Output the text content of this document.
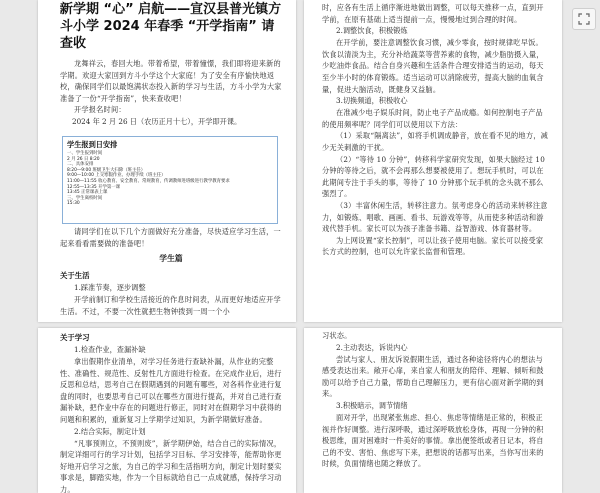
新学期 “心” 启航——宣汉县普光镇方斗小学 2024 年春季 “开学指南” 请查收

龙舞祥云，春回大地。带着希望，带着憧憬，我们即将迎来新的学期。欢迎大家回到方斗小学这个大家庭！为了安全有序愉快地返校，确保同学们以最饱满状态投入新的学习与生活，方斗小学为大家准备了一份“开学指南”，快来查收吧！

开学报名时间：

2024 年 2 月 26 日（农历正月十七），开学即开课。

学生报到日安排
一、学生报到时间
2 月 26 日 8:20
二、具体安排
8:20—9:00 班级卫生大扫除（班主任）
9:00—10:00 上交寒假作业、办理手续（班主任）
11:00—11:55 收心教育、安全教育、常规教育，传调教师进班级进行教学教育要求
12:55—13:35 开学第一课
13:45 正常课表上课
三、学生离校时间
15:30

请同学们在以下几个方面做好充分准备，尽快适应学习生活，一起来看看需要做的准备吧！

学生篇
关于生活

1.踩准节奏，逐步调整

开学前制订和学校生活接近的作息时间表，从而更好地适应开学生活。不过，不要一次性就把生物钟拨到一周一个小

时，应各有生活上循序渐进地做出调整，可以每天推移一点，直到开学前，在原有基础上适当提前一点，慢慢地过到合理的时间。

2.调整饮食，积极锻炼

在开学前，要注意调整饮食习惯，减少零食，按时规律吃早饭。饮食以清淡为主，充分补给蔬菜等营养素的食物，减少脂肪摄入量，少吃油炸食品。结合自身兴趣和生活条件合理安排适当的运动，每天至少半小时的体育锻炼。适当运动可以消除疲劳，提高大脑的血氧含量，促进大脑活动，既健身又益脑。

3.切换频道，积极收心

在准减少电子娱乐时间，防止电子产品成瘾。如何控制电子产品的使用频率呢？同学们可以使用以下方法：

（1）采取“隔离法”，如将手机调成静音，放在看不见的地方，减少无关刺激的干扰。

（2）“等待 10 分钟”，转移科学家研究发现，如果大脑经过 10 分钟的等待之后，就不会再那么想要被使用了。想玩手机时，可以在此期间专注于手头的事，等待了 10 分钟那个玩手机的念头就不那么强烈了。

（3）丰富休闲生活，转移注意力。氛考虑身心的活动来转移注意力，如锻炼、唱歌、画画、看书、玩游戏等等，从而使多种活动和游戏代替手机。家长可以为孩子准备书籍、益智游戏、体育器材等。

为上网设置“家长控制”，可以让孩子使用电脑。家长可以接受家长方式的控制，也可以允许家长监督和管理。

关于学习

1.检查作业，查漏补缺

拿出假期作业清单，对学习任务进行查缺补漏，从作业的完整性、准确性、规范性、反射性几方面进行检查。在完成作业后，进行反思和总结，思考自己在假期遇到的问题有哪些，对各科作业进行复盘的同时，也要思考自己可以在哪些方面进行提高，并对自己进行查漏补缺，把作业中存在的问题进行修正，同时对在假期学习中获得的问题和积累的，重新复习上学期学过知识，为新学期做好准备。

2.结合实际，制定计划

“凡事预则立，不预则废”，新学期伊始，结合自己的实际情况，制定详细可行的学习计划，包括学习目标、学习安排等，能帮助你更好地开启学习之旅，为自己的学习和生活指明方向，制定计划时要实事求是，脚踏实地，作为一个目标就给自己一点成就感，保持学习动力。

习状态。

2.主动表达，诉说内心

尝试与家人、朋友诉说假期生活，通过各种途径将内心的想法与感受表达出来。敞开心扉，来自家人和朋友的陪伴、理解、倾听和鼓励可以给予自己力量，帮助自己理解压力，更有信心面对新学期的到来。

3.积极暗示，调节情绪

面对开学，出现紧张焦虑、担心、焦虑等情绪是正常的，积极正视并作好调整。进行深呼吸，通过深呼吸放松身体，再现一分钟的积极思维，面对困难时一件美好的事情。拿出便签纸或者日记本，将自己的不安、害怕、焦虑写下来，把想说的话都写出来，当你写出来的时候，负面情绪也随之释放了。
